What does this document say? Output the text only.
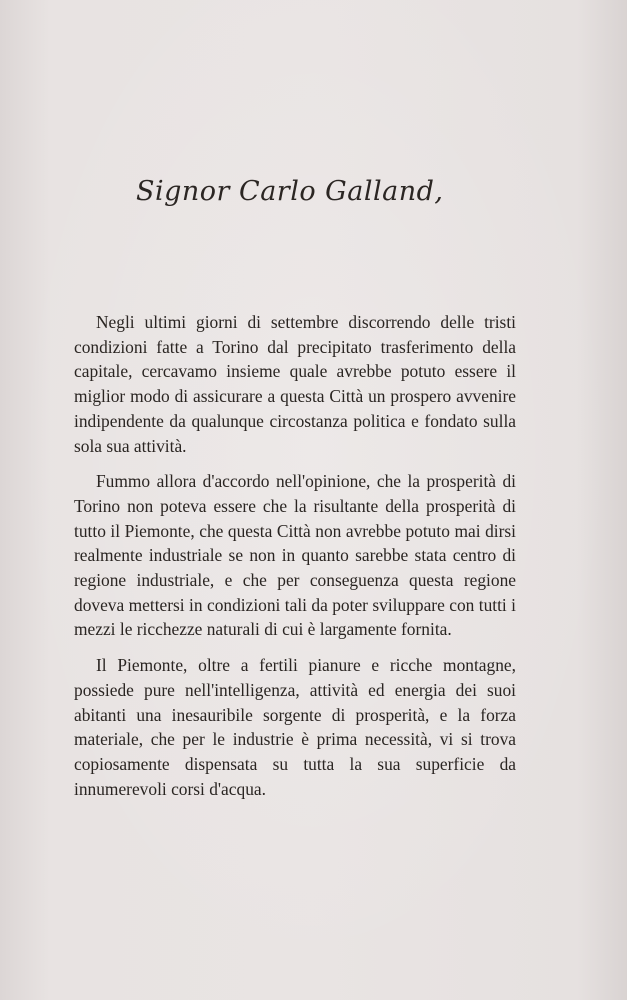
Signor Carlo Galland,

Negli ultimi giorni di settembre discorrendo delle tristi condizioni fatte a Torino dal precipitato trasferimento della capitale, cercavamo insieme quale avrebbe potuto essere il miglior modo di assicurare a questa Città un prospero avvenire indipendente da qualunque circostanza politica e fondato sulla sola sua attività.

Fummo allora d'accordo nell'opinione, che la prosperità di Torino non poteva essere che la risultante della prosperità di tutto il Piemonte, che questa Città non avrebbe potuto mai dirsi realmente industriale se non in quanto sarebbe stata centro di regione industriale, e che per conseguenza questa regione doveva mettersi in condizioni tali da poter sviluppare con tutti i mezzi le ricchezze naturali di cui è largamente fornita.

Il Piemonte, oltre a fertili pianure e ricche montagne, possiede pure nell'intelligenza, attività ed energia dei suoi abitanti una inesauribile sorgente di prosperità, e la forza materiale, che per le industrie è prima necessità, vi si trova copiosamente dispensata su tutta la sua superficie da innumerevoli corsi d'acqua.
